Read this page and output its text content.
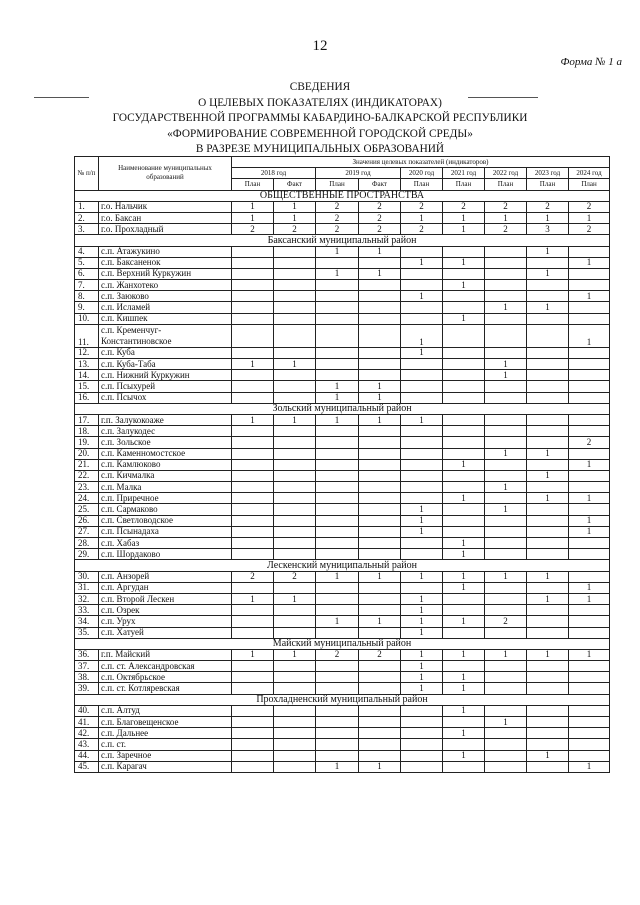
12
Форма № 1 а
СВЕДЕНИЯ
О ЦЕЛЕВЫХ ПОКАЗАТЕЛЯХ (ИНДИКАТОРАХ)
ГОСУДАРСТВЕННОЙ ПРОГРАММЫ КАБАРДИНО-БАЛКАРСКОЙ РЕСПУБЛИКИ
«ФОРМИРОВАНИЕ СОВРЕМЕННОЙ ГОРОДСКОЙ СРЕДЫ»
В РАЗРЕЗЕ МУНИЦИПАЛЬНЫХ ОБРАЗОВАНИЙ
№ п/п	Наименование муниципальных образований	Значения целевых показателей (индикаторов)								
		2018 год		2019 год		2020 год	2021 год	2022 год	2023 год	2024 год
		План	Факт	План	Факт	План	План	План	План	План
ОБЩЕСТВЕННЫЕ ПРОСТРАНСТВА										
1.	г.о. Нальчик	1	1	2	2	2	2	2	2	2
2.	г.о. Баксан	1	1	2	2	1	1	1	1	1
3.	г.о. Прохладный	2	2	2	2	2	1	2	3	2
Баксанский муниципальный район										
4.	с.п. Атажукино			1	1				1	
5.	с.п. Баксаненок					1	1			1
6.	с.п. Верхний Куркужин			1	1				1	
7.	с.п. Жанхотеко						1			
8.	с.п. Заюково					1				1
9.	с.п. Исламей							1	1	
10.	с.п. Кишпек						1			
11.	с.п. Кременчуг-Константиновское					1				1
12.	с.п. Куба					1				
13.	с.п. Куба-Таба	1	1					1		
14.	с.п. Нижний Куркужин							1		
15.	с.п. Псыхурей			1	1					
16.	с.п. Псычох			1	1					
Зольский муниципальный район										
17.	г.п. Залукокоаже	1	1	1	1	1				
18.	с.п. Залукодес									
19.	с.п. Зольское									2
20.	с.п. Каменномостское							1	1	
21.	с.п. Камлюково						1			1
22.	с.п. Кичмалка								1	
23.	с.п. Малка							1		
24.	с.п. Приречное						1		1	1
25.	с.п. Сармаково					1		1		
26.	с.п. Светловодское					1				1
27.	с.п. Псынадаха					1				1
28.	с.п. Хабаз						1			
29.	с.п. Шордаково						1			
Лескенский муниципальный район										
30.	с.п. Анзорей	2	2	1	1	1	1	1	1	
31.	с.п. Аргудан						1			1
32.	с.п. Второй Лескен	1	1			1			1	1
33.	с.п. Озрек					1				
34.	с.п. Урух			1	1	1	1	2		
35.	с.п. Хатуей					1				
Майский муниципальный район										
36.	г.п. Майский	1	1	2	2	1	1	1	1	1
37.	с.п. ст. Александровская					1				
38.	с.п. Октябрьское					1	1			
39.	с.п. ст. Котляревская					1	1			
Прохладненский муниципальный район										
40.	с.п. Алтуд						1			
41.	с.п. Благовещенское							1		
42.	с.п. Дальнее						1			
43.	с.п. ст.									
44.	с.п. Заречное						1		1	
45.	с.п. Карагач			1	1					1
